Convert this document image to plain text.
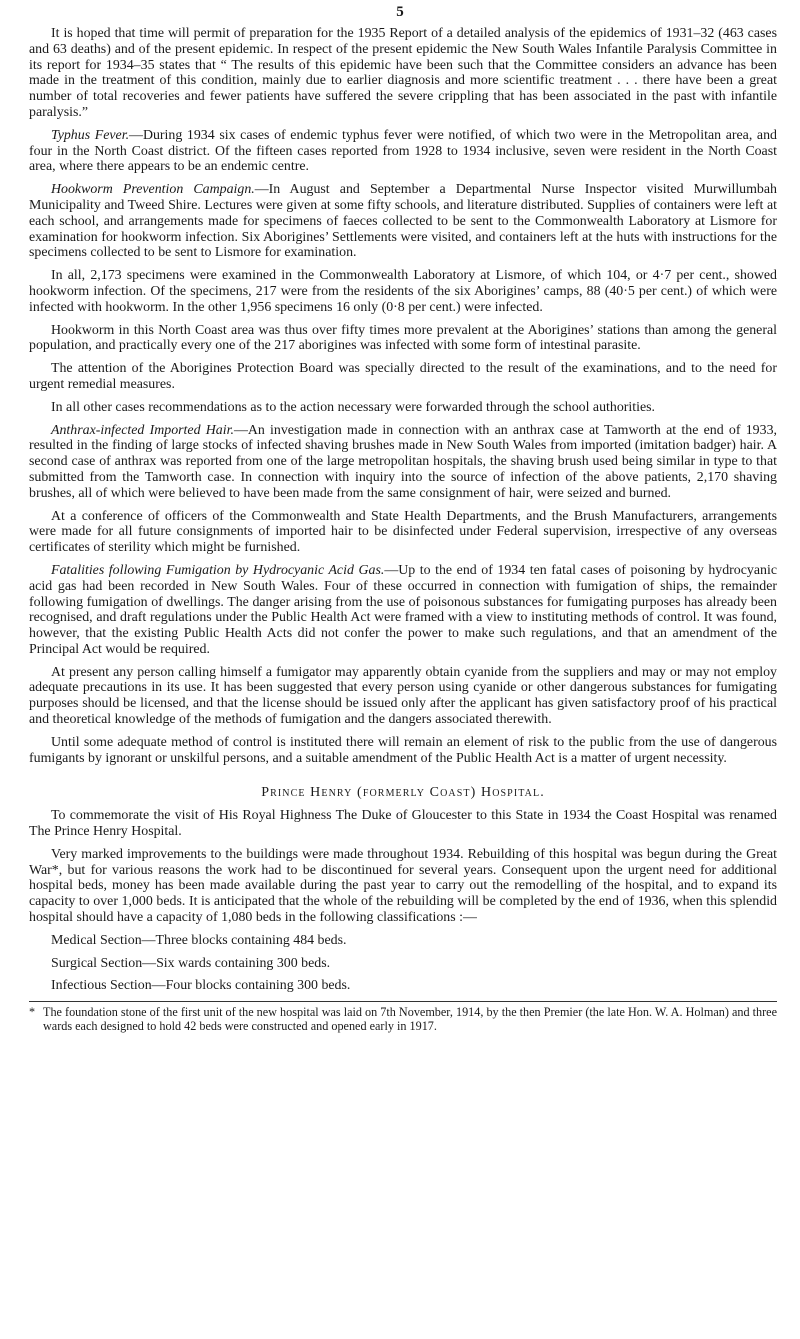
5

It is hoped that time will permit of preparation for the 1935 Report of a detailed analysis of the epidemics of 1931–32 (463 cases and 63 deaths) and of the present epidemic. In respect of the present epidemic the New South Wales Infantile Paralysis Committee in its report for 1934–35 states that “ The results of this epidemic have been such that the Committee considers an advance has been made in the treatment of this condition, mainly due to earlier diagnosis and more scientific treatment . . . there have been a great number of total recoveries and fewer patients have suffered the severe crippling that has been associated in the past with infantile paralysis.”

Typhus Fever.—During 1934 six cases of endemic typhus fever were notified, of which two were in the Metropolitan area, and four in the North Coast district. Of the fifteen cases reported from 1928 to 1934 inclusive, seven were resident in the North Coast area, where there appears to be an endemic centre.

Hookworm Prevention Campaign.—In August and September a Departmental Nurse Inspector visited Murwillumbah Municipality and Tweed Shire. Lectures were given at some fifty schools, and literature distributed. Supplies of containers were left at each school, and arrangements made for specimens of faeces collected to be sent to the Commonwealth Laboratory at Lismore for examination for hookworm infection. Six Aborigines’ Settlements were visited, and containers left at the huts with instructions for the specimens collected to be sent to Lismore for examination.

In all, 2,173 specimens were examined in the Commonwealth Laboratory at Lismore, of which 104, or 4·7 per cent., showed hookworm infection. Of the specimens, 217 were from the residents of the six Aborigines’ camps, 88 (40·5 per cent.) of which were infected with hookworm. In the other 1,956 specimens 16 only (0·8 per cent.) were infected.

Hookworm in this North Coast area was thus over fifty times more prevalent at the Aborigines’ stations than among the general population, and practically every one of the 217 aborigines was infected with some form of intestinal parasite.

The attention of the Aborigines Protection Board was specially directed to the result of the examinations, and to the need for urgent remedial measures.

In all other cases recommendations as to the action necessary were forwarded through the school authorities.

Anthrax-infected Imported Hair.—An investigation made in connection with an anthrax case at Tamworth at the end of 1933, resulted in the finding of large stocks of infected shaving brushes made in New South Wales from imported (imitation badger) hair. A second case of anthrax was reported from one of the large metropolitan hospitals, the shaving brush used being similar in type to that submitted from the Tamworth case. In connection with inquiry into the source of infection of the above patients, 2,170 shaving brushes, all of which were believed to have been made from the same consignment of hair, were seized and burned.

At a conference of officers of the Commonwealth and State Health Departments, and the Brush Manufacturers, arrangements were made for all future consignments of imported hair to be disinfected under Federal supervision, irrespective of any overseas certificates of sterility which might be furnished.

Fatalities following Fumigation by Hydrocyanic Acid Gas.—Up to the end of 1934 ten fatal cases of poisoning by hydrocyanic acid gas had been recorded in New South Wales. Four of these occurred in connection with fumigation of ships, the remainder following fumigation of dwellings. The danger arising from the use of poisonous substances for fumigating purposes has already been recognised, and draft regulations under the Public Health Act were framed with a view to instituting methods of control. It was found, however, that the existing Public Health Acts did not confer the power to make such regulations, and that an amendment of the Principal Act would be required.

At present any person calling himself a fumigator may apparently obtain cyanide from the suppliers and may or may not employ adequate precautions in its use. It has been suggested that every person using cyanide or other dangerous substances for fumigating purposes should be licensed, and that the license should be issued only after the applicant has given satisfactory proof of his practical and theoretical knowledge of the methods of fumigation and the dangers associated therewith.

Until some adequate method of control is instituted there will remain an element of risk to the public from the use of dangerous fumigants by ignorant or unskilful persons, and a suitable amendment of the Public Health Act is a matter of urgent necessity.

Prince Henry (formerly Coast) Hospital.

To commemorate the visit of His Royal Highness The Duke of Gloucester to this State in 1934 the Coast Hospital was renamed The Prince Henry Hospital.

Very marked improvements to the buildings were made throughout 1934. Rebuilding of this hospital was begun during the Great War*, but for various reasons the work had to be discontinued for several years. Consequent upon the urgent need for additional hospital beds, money has been made available during the past year to carry out the remodelling of the hospital, and to expand its capacity to over 1,000 beds. It is anticipated that the whole of the rebuilding will be completed by the end of 1936, when this splendid hospital should have a capacity of 1,080 beds in the following classifications :—

Medical Section—Three blocks containing 484 beds.

Surgical Section—Six wards containing 300 beds.

Infectious Section—Four blocks containing 300 beds.

* The foundation stone of the first unit of the new hospital was laid on 7th November, 1914, by the then Premier (the late Hon. W. A. Holman) and three wards each designed to hold 42 beds were constructed and opened early in 1917.
